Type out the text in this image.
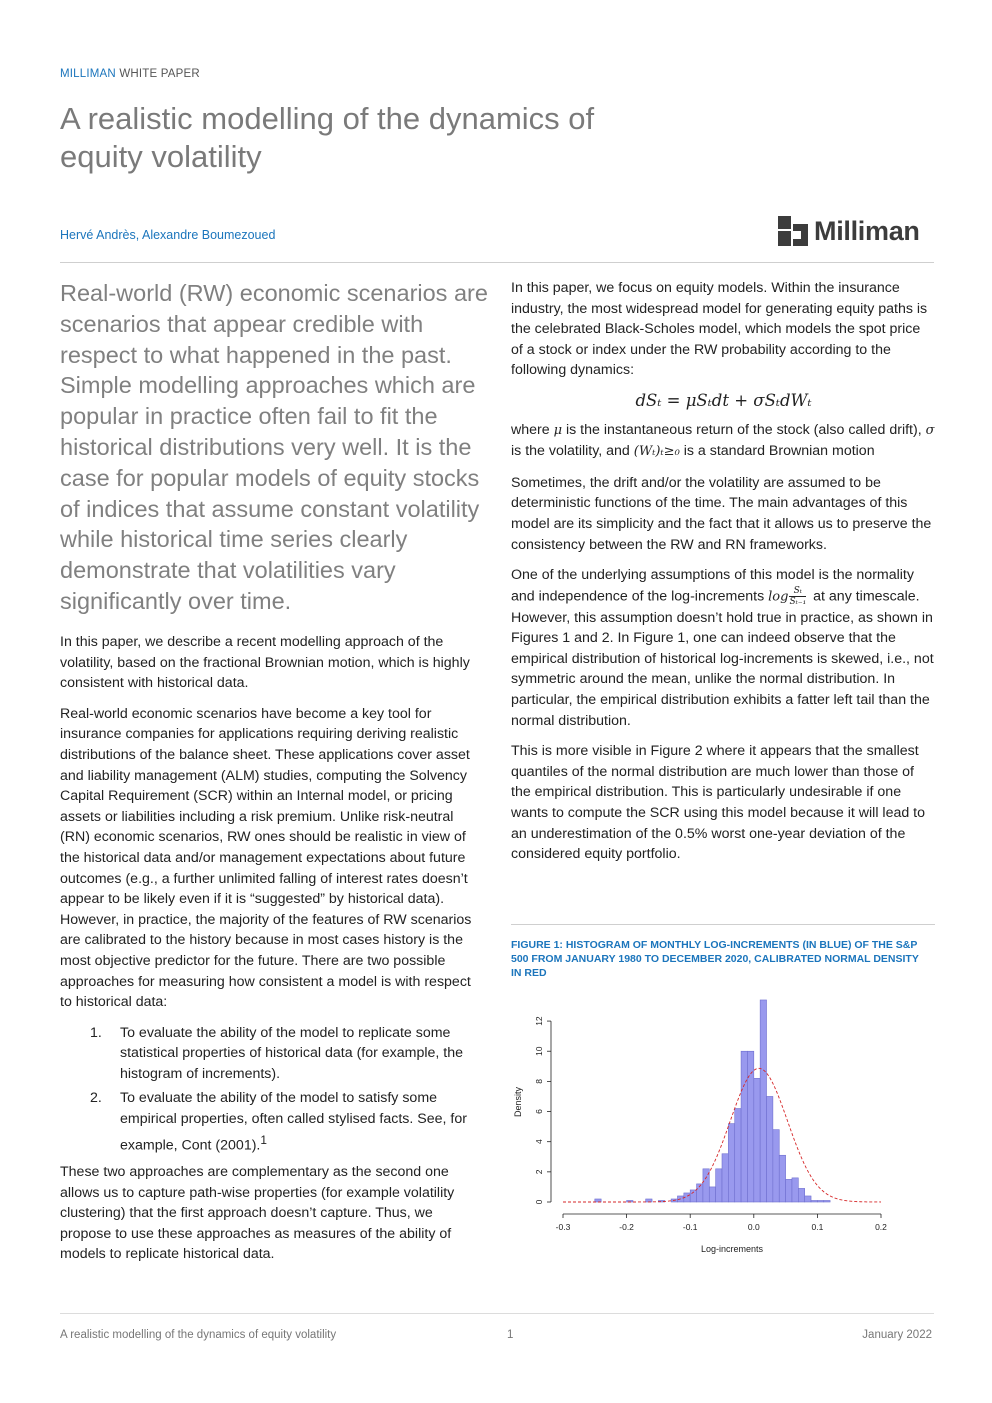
MILLIMAN WHITE PAPER
A realistic modelling of the dynamics of equity volatility
Hervé Andrès, Alexandre Boumezoued	Milliman

Real-world (RW) economic scenarios are scenarios that appear credible with respect to what happened in the past. Simple modelling approaches which are popular in practice often fail to fit the historical distributions very well. It is the case for popular models of equity stocks of indices that assume constant volatility while historical time series clearly demonstrate that volatilities vary significantly over time.

In this paper, we describe a recent modelling approach of the volatility, based on the fractional Brownian motion, which is highly consistent with historical data.

Real-world economic scenarios have become a key tool for insurance companies for applications requiring deriving realistic distributions of the balance sheet. These applications cover asset and liability management (ALM) studies, computing the Solvency Capital Requirement (SCR) within an Internal model, or pricing assets or liabilities including a risk premium. Unlike risk-neutral (RN) economic scenarios, RW ones should be realistic in view of the historical data and/or management expectations about future outcomes (e.g., a further unlimited falling of interest rates doesn’t appear to be likely even if it is “suggested” by historical data). However, in practice, the majority of the features of RW scenarios are calibrated to the history because in most cases history is the most objective predictor for the future. There are two possible approaches for measuring how consistent a model is with respect to historical data:

1. To evaluate the ability of the model to replicate some statistical properties of historical data (for example, the histogram of increments).
2. To evaluate the ability of the model to satisfy some empirical properties, often called stylised facts. See, for example, Cont (2001).$^1$

These two approaches are complementary as the second one allows us to capture path-wise properties (for example volatility clustering) that the first approach doesn’t capture. Thus, we propose to use these approaches as measures of the ability of models to replicate historical data.

In this paper, we focus on equity models. Within the insurance industry, the most widespread model for generating equity paths is the celebrated Black-Scholes model, which models the spot price of a stock or index under the RW probability according to the following dynamics:

dSₜ = μSₜdt + σSₜdWₜ

where μ is the instantaneous return of the stock (also called drift), σ is the volatility, and (Wₜ)ₜ≥₀ is a standard Brownian motion

Sometimes, the drift and/or the volatility are assumed to be deterministic functions of the time. The main advantages of this model are its simplicity and the fact that it allows us to preserve the consistency between the RW and RN frameworks.

One of the underlying assumptions of this model is the normality and independence of the log-increments $\log \frac{\text{Sₜ}}{\text{Sₜ₋₁}}$ at any timescale. However, this assumption doesn’t hold true in practice, as shown in Figures 1 and 2. In Figure 1, one can indeed observe that the empirical distribution of historical log-increments is skewed, i.e., not symmetric around the mean, unlike the normal distribution. In particular, the empirical distribution exhibits a fatter left tail than the normal distribution.

This is more visible in Figure 2 where it appears that the smallest quantiles of the normal distribution are much lower than those of the empirical distribution. This is particularly undesirable if one wants to compute the SCR using this model because it will lead to an underestimation of the 0.5% worst one-year deviation of the considered equity portfolio.

FIGURE 1: HISTOGRAM OF MONTHLY LOG-INCREMENTS (IN BLUE) OF THE S&P 500 FROM JANUARY 1980 TO DECEMBER 2020, CALIBRATED NORMAL DENSITY IN RED
-0.3	-0.2	-0.1	0.0	0.1	0.2
0
2
4
6
8
10
12
Log-increments
Density
A realistic modelling of the dynamics of equity volatility	1	January 2022
